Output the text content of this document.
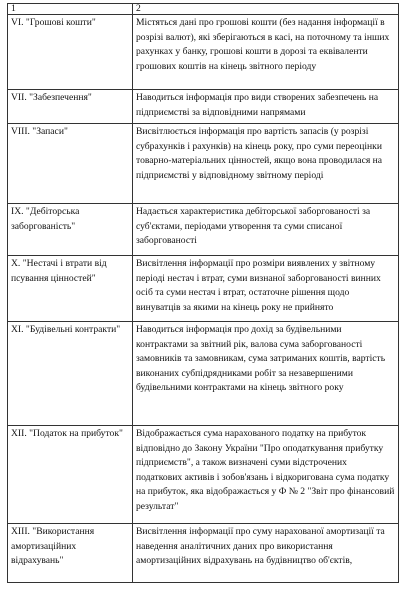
1	2
VI. "Грошові кошти"	Містяться дані про грошові кошти (без надання інформації в розрізі валют), які зберігаються в касі, на поточному та інших рахунках у банку, грошові кошти в дорозі та еквіваленти грошових коштів на кінець звітного періоду
VII. "Забезпечення"	Наводиться інформація про види створених забезпечень на підприємстві за відповідними напрямами
VIII. "Запаси"	Висвітлюється інформація про вартість запасів (у розрізі субрахунків і рахунків) на кінець року, про суми переоцінки товарно-матеріальних цінностей, якщо вона проводилася на підприємстві у відповідному звітному періоді
IX. "Дебіторська заборгованість"	Надається характеристика дебіторської заборгованості за суб'єктами, періодами утворення та суми списаної заборгованості
X. "Нестачі і втрати від псування цінностей"	Висвітлення інформації про розміри виявлених у звітному періоді нестач і втрат, суми визнаної заборгованості винних осіб та суми нестач і втрат, остаточне рішення щодо винуватців за якими на кінець року не прийнято
XI. "Будівельні контракти"	Наводиться інформація про дохід за будівельними контрактами за звітний рік, валова сума заборгованості замовників та замовникам, сума затриманих коштів, вартість виконаних субпідрядниками робіт за незавершеними будівельними контрактами на кінець звітного року
XII. "Податок на прибуток"	Відображається сума нарахованого податку на прибуток відповідно до Закону України "Про оподаткування прибутку підприємств", а також визначені суми відстрочених податкових активів і зобов'язань і відкоригована сума податку на прибуток, яка відображається у Ф № 2 "Звіт про фінансовий результат"
XIII. "Використання амортизаційних відрахувань"	Висвітлення інформації про суму нарахованої амортизації та наведення аналітичних даних про використання амортизаційних відрахувань на будівництво об'єктів,
